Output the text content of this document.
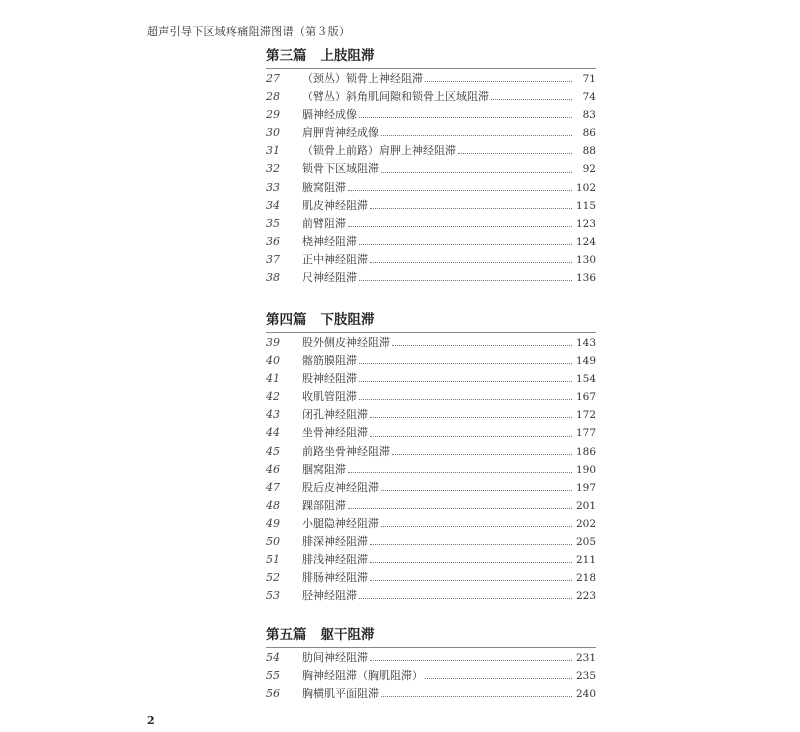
超声引导下区域疼痛阻滞图谱（第３版）
第三篇 上肢阻滞
27	（颈丛）锁骨上神经阻滞	71
28	（臂丛）斜角肌间隙和锁骨上区域阻滞	74
29	膈神经成像	83
30	肩胛背神经成像	86
31	（锁骨上前路）肩胛上神经阻滞	88
32	锁骨下区域阻滞	92
33	腋窝阻滞	102
34	肌皮神经阻滞	115
35	前臂阻滞	123
36	桡神经阻滞	124
37	正中神经阻滞	130
38	尺神经阻滞	136
第四篇 下肢阻滞
39	股外侧皮神经阻滞	143
40	髂筋膜阻滞	149
41	股神经阻滞	154
42	收肌管阻滞	167
43	闭孔神经阻滞	172
44	坐骨神经阻滞	177
45	前路坐骨神经阻滞	186
46	腘窝阻滞	190
47	股后皮神经阻滞	197
48	踝部阻滞	201
49	小腿隐神经阻滞	202
50	腓深神经阻滞	205
51	腓浅神经阻滞	211
52	腓肠神经阻滞	218
53	胫神经阻滞	223
第五篇 躯干阻滞
54	肋间神经阻滞	231
55	胸神经阻滞（胸肌阻滞）	235
56	胸横肌平面阻滞	240
2
